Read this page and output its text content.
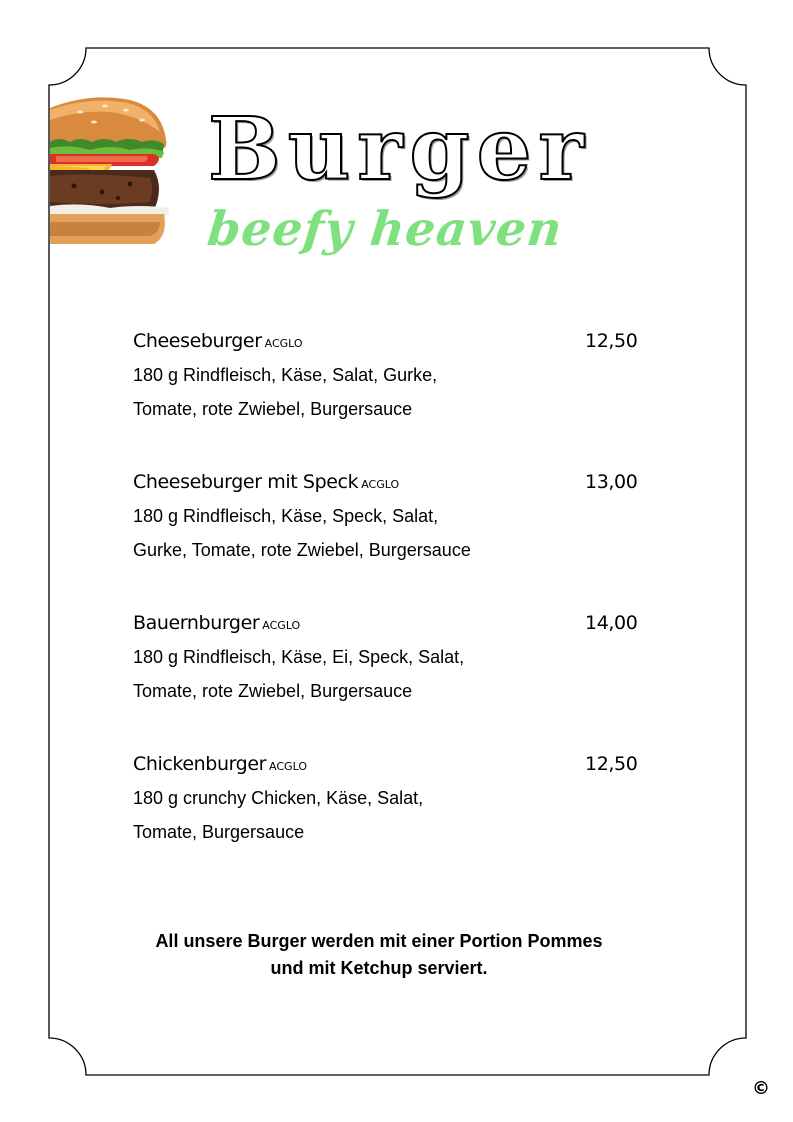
Burger
beefy heaven
Cheeseburger ACGLO	12,50
180 g Rindfleisch, Käse, Salat, Gurke,
Tomate, rote Zwiebel, Burgersauce
Cheeseburger mit Speck ACGLO	13,00
180 g Rindfleisch, Käse, Speck, Salat,
Gurke, Tomate, rote Zwiebel, Burgersauce
Bauernburger ACGLO	14,00
180 g Rindfleisch, Käse, Ei, Speck, Salat,
Tomate, rote Zwiebel, Burgersauce
Chickenburger ACGLO	12,50
180 g crunchy Chicken, Käse, Salat,
Tomate, Burgersauce
All unsere Burger werden mit einer Portion Pommes
und mit Ketchup serviert.
©
